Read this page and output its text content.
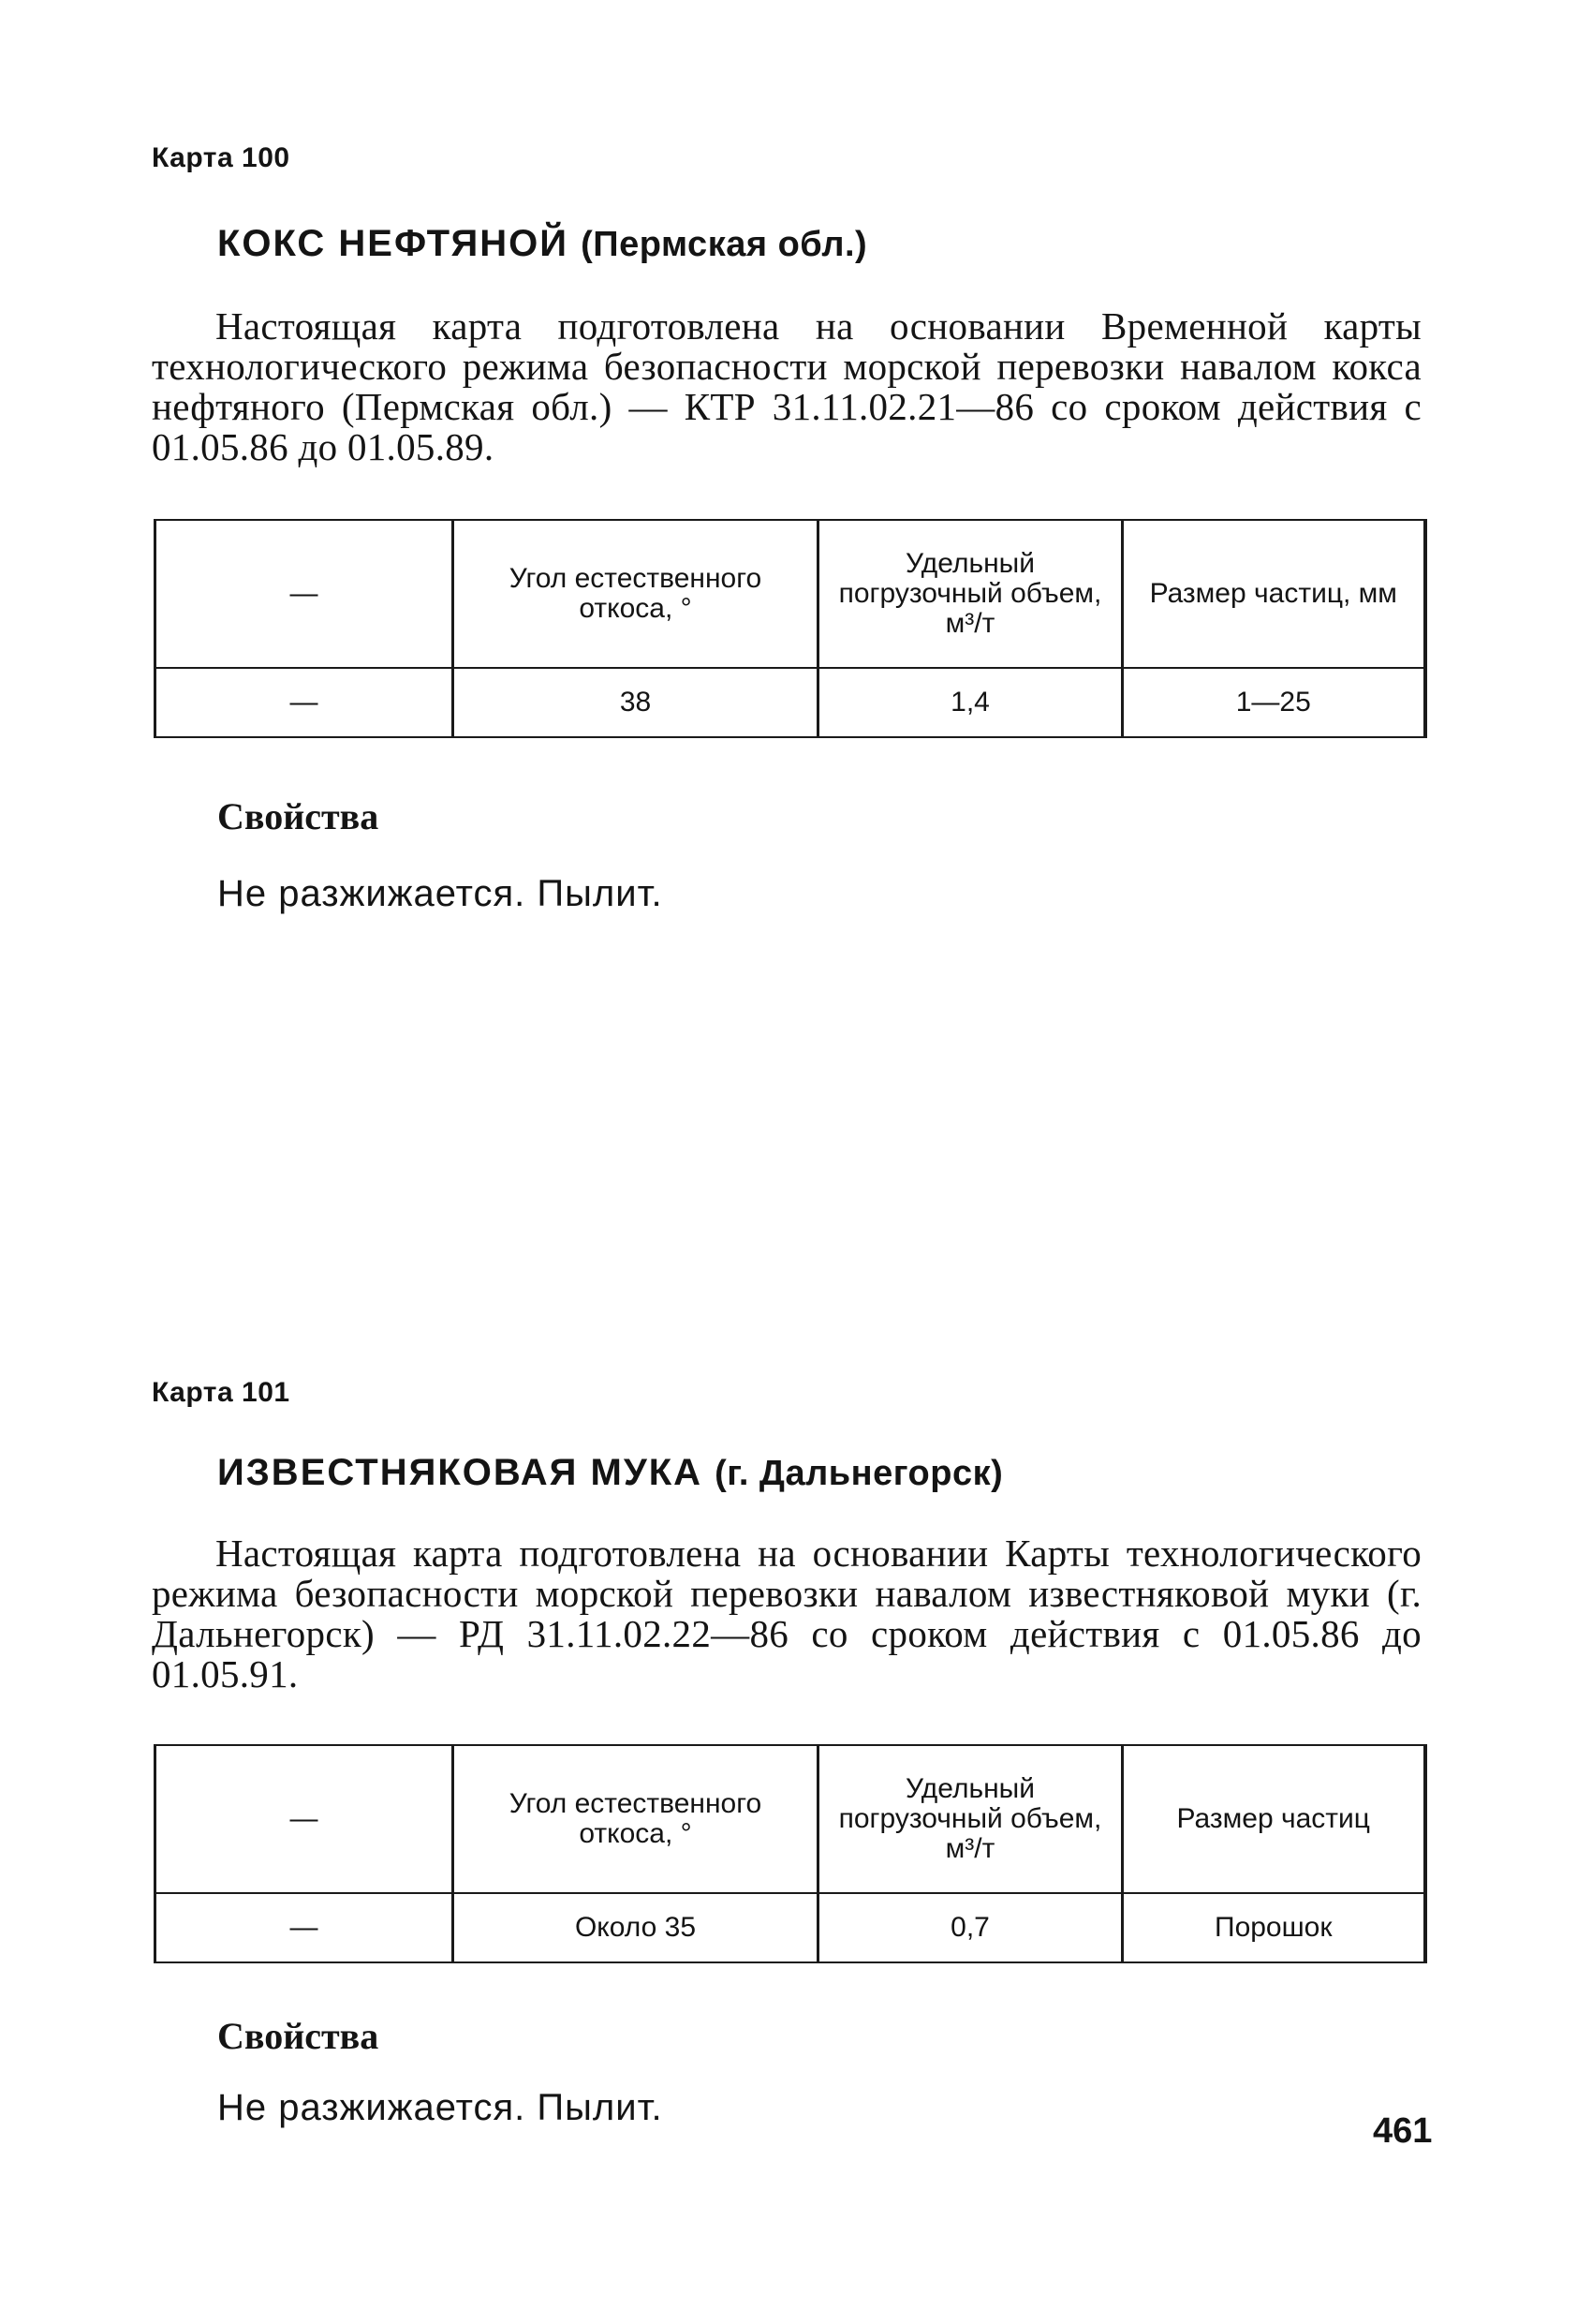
Карта 100

КОКС НЕФТЯНОЙ (Пермская обл.)

Настоящая карта подготовлена на основании Временной карты технологического режима безопасности морской перевозки навалом кокса нефтяного (Пермская обл.) — КТР 31.11.02.21—86 со сроком действия с 01.05.86 до 01.05.89.

—	Угол естественного откоса, °	Удельный погрузочный объем, м³/т	Размер частиц, мм
—	38	1,4	1—25
Свойства

Не разжижается. Пылит.

Карта 101

ИЗВЕСТНЯКОВАЯ МУКА (г. Дальнегорск)

Настоящая карта подготовлена на основании Карты технологического режима безопасности морской перевозки навалом известняковой муки (г. Дальнегорск) — РД 31.11.02.22—86 со сроком действия с 01.05.86 до 01.05.91.

—	Угол естественного откоса, °	Удельный погрузочный объем, м³/т	Размер частиц
—	Около 35	0,7	Порошок
Свойства

Не разжижается. Пылит.

461
